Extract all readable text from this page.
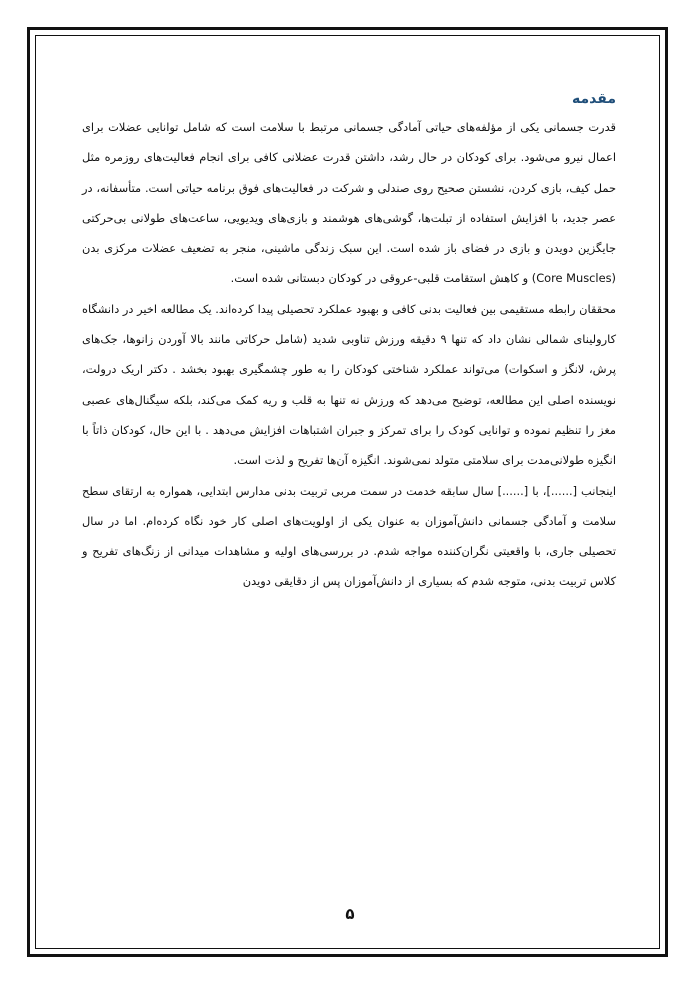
مقدمه

قدرت جسمانی یکی از مؤلفه‌های حیاتی آمادگی جسمانی مرتبط با سلامت است که شامل توانایی عضلات برای اعمال نیرو می‌شود. برای کودکان در حال رشد، داشتن قدرت عضلانی کافی برای انجام فعالیت‌های روزمره مثل حمل کیف، بازی کردن، نشستن صحیح روی صندلی و شرکت در فعالیت‌های فوق برنامه حیاتی است. متأسفانه، در عصر جدید، با افزایش استفاده از تبلت‌ها، گوشی‌های هوشمند و بازی‌های ویدیویی، ساعت‌های طولانی بی‌حرکتی جایگزین دویدن و بازی در فضای باز شده است. این سبک زندگی ماشینی، منجر به تضعیف عضلات مرکزی بدن (Core Muscles) و کاهش استقامت قلبی-عروقی در کودکان دبستانی شده است.

محققان رابطه مستقیمی بین فعالیت بدنی کافی و بهبود عملکرد تحصیلی پیدا کرده‌اند. یک مطالعه اخیر در دانشگاه کارولینای شمالی نشان داد که تنها ۹ دقیقه ورزش تناوبی شدید (شامل حرکاتی مانند بالا آوردن زانوها، جک‌های پرش، لانگز و اسکوات) می‌تواند عملکرد شناختی کودکان را به طور چشمگیری بهبود بخشد . دکتر اریک درولت، نویسنده اصلی این مطالعه، توضیح می‌دهد که ورزش نه تنها به قلب و ریه کمک می‌کند، بلکه سیگنال‌های عصبی مغز را تنظیم نموده و توانایی کودک را برای تمرکز و جبران اشتباهات افزایش می‌دهد . با این حال، کودکان ذاتاً با انگیزه طولانی‌مدت برای سلامتی متولد نمی‌شوند. انگیزه آن‌ها تفریح و لذت است.

اینجانب [......]، با [......] سال سابقه خدمت در سمت مربی تربیت بدنی مدارس ابتدایی، همواره به ارتقای سطح سلامت و آمادگی جسمانی دانش‌آموزان به عنوان یکی از اولویت‌های اصلی کار خود نگاه کرده‌ام. اما در سال تحصیلی جاری، با واقعیتی نگران‌کننده مواجه شدم. در بررسی‌های اولیه و مشاهدات میدانی از زنگ‌های تفریح و کلاس تربیت بدنی، متوجه شدم که بسیاری از دانش‌آموزان پس از دقایقی دویدن

۵
